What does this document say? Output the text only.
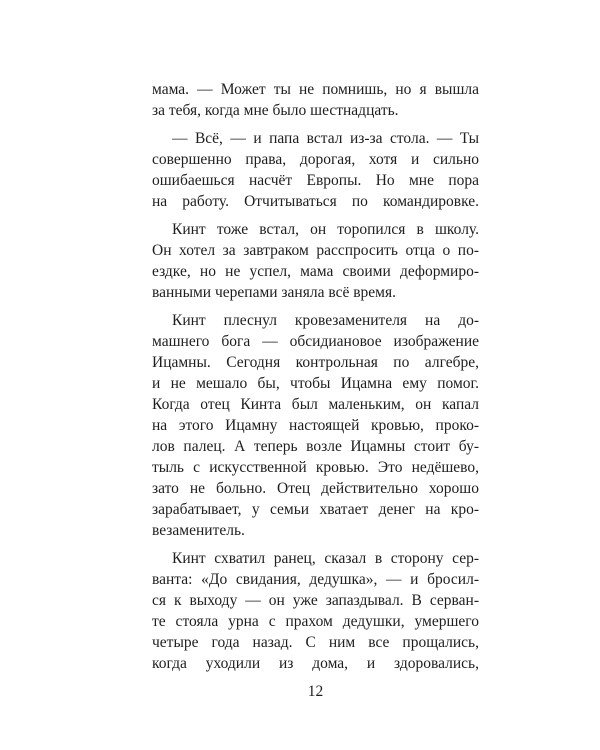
мама. — Может ты не помнишь, но я вышла
за тебя, когда мне было шестнадцать.
— Всё, — и папа встал из-за стола. — Ты
совершенно права, дорогая, хотя и сильно
ошибаешься насчёт Европы. Но мне пора
на работу. Отчитываться по командировке.
Кинт тоже встал, он торопился в школу.
Он хотел за завтраком расспросить отца о по-
ездке, но не успел, мама своими деформиро-
ванными черепами заняла всё время.
Кинт плеснул кровезаменителя на до-
машнего бога — обсидиановое изображение
Ицамны. Сегодня контрольная по алгебре,
и не мешало бы, чтобы Ицамна ему помог.
Когда отец Кинта был маленьким, он капал
на этого Ицамну настоящей кровью, проко-
лов палец. А теперь возле Ицамны стоит бу-
тыль с искусственной кровью. Это недёшево,
зато не больно. Отец действительно хорошо
зарабатывает, у семьи хватает денег на кро-
везаменитель.
Кинт схватил ранец, сказал в сторону сер-
ванта: «До свидания, дедушка», — и бросил-
ся к выходу — он уже запаздывал. В серван-
те стояла урна с прахом дедушки, умершего
четыре года назад. С ним все прощались,
когда уходили из дома, и здоровались,
12
